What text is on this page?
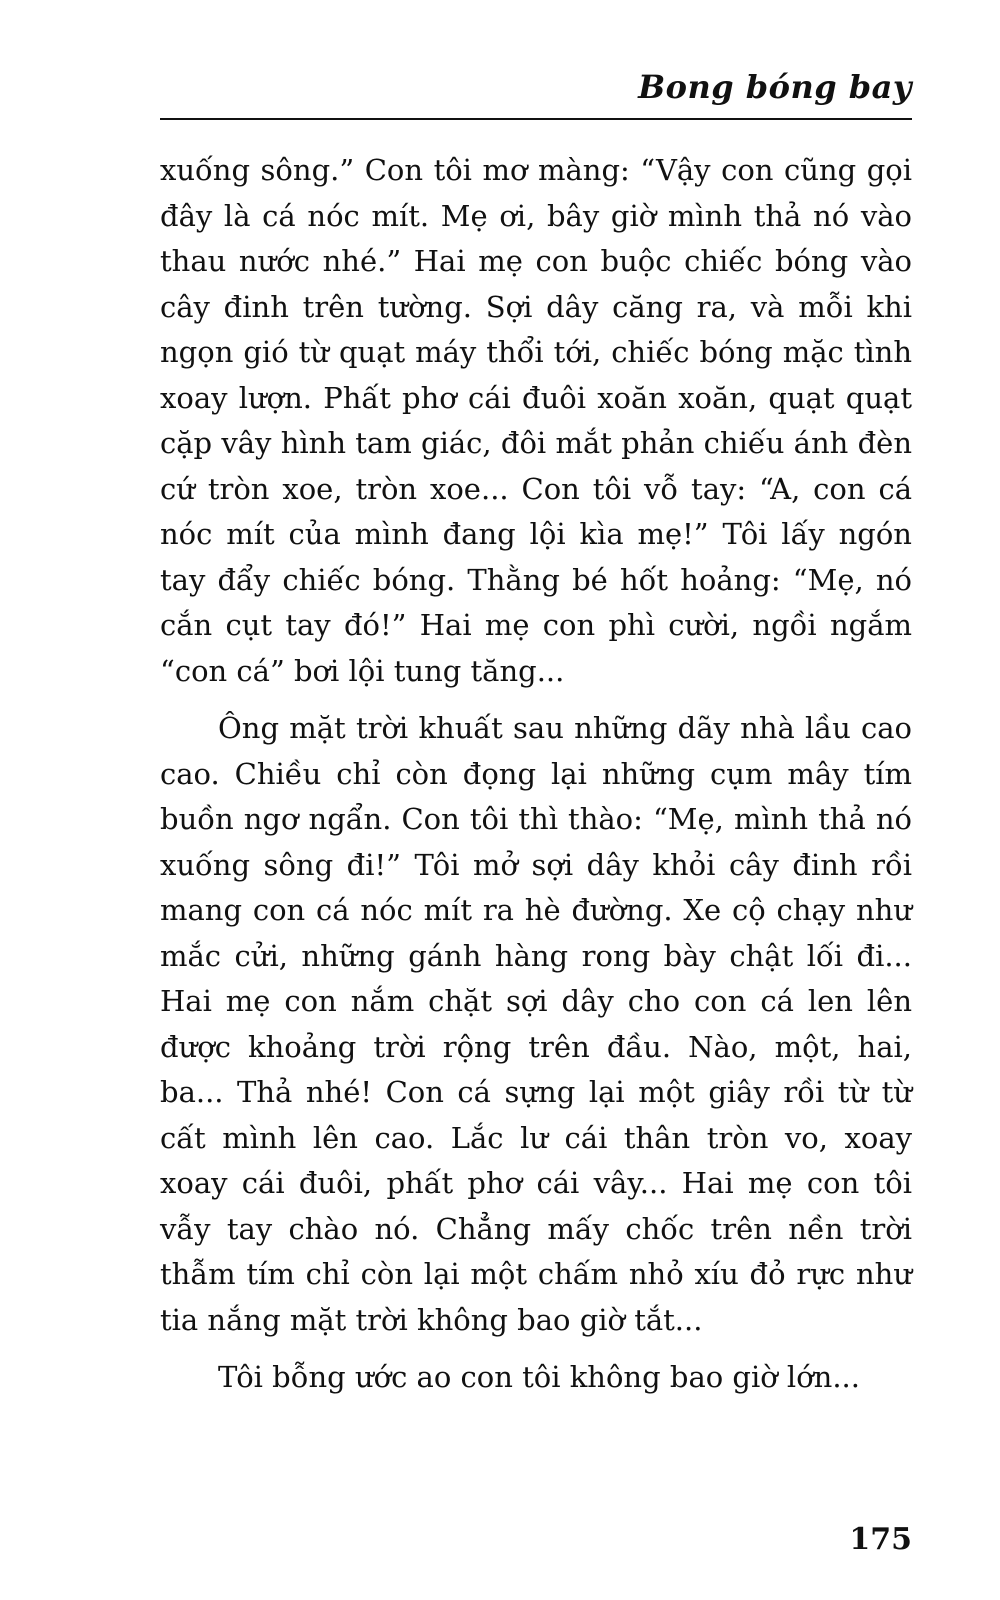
Bong bóng bay

xuống sông.” Con tôi mơ màng: “Vậy con cũng gọi đây là cá nóc mít. Mẹ ơi, bây giờ mình thả nó vào thau nước nhé.” Hai mẹ con buộc chiếc bóng vào cây đinh trên tường. Sợi dây căng ra, và mỗi khi ngọn gió từ quạt máy thổi tới, chiếc bóng mặc tình xoay lượn. Phất phơ cái đuôi xoăn xoăn, quạt quạt cặp vây hình tam giác, đôi mắt phản chiếu ánh đèn cứ tròn xoe, tròn xoe... Con tôi vỗ tay: “A, con cá nóc mít của mình đang lội kìa mẹ!” Tôi lấy ngón tay đẩy chiếc bóng. Thằng bé hốt hoảng: “Mẹ, nó cắn cụt tay đó!” Hai mẹ con phì cười, ngồi ngắm “con cá” bơi lội tung tăng...

Ông mặt trời khuất sau những dãy nhà lầu cao cao. Chiều chỉ còn đọng lại những cụm mây tím buồn ngơ ngẩn. Con tôi thì thào: “Mẹ, mình thả nó xuống sông đi!” Tôi mở sợi dây khỏi cây đinh rồi mang con cá nóc mít ra hè đường. Xe cộ chạy như mắc cửi, những gánh hàng rong bày chật lối đi... Hai mẹ con nắm chặt sợi dây cho con cá len lên được khoảng trời rộng trên đầu. Nào, một, hai, ba... Thả nhé! Con cá sựng lại một giây rồi từ từ cất mình lên cao. Lắc lư cái thân tròn vo, xoay xoay cái đuôi, phất phơ cái vây... Hai mẹ con tôi vẫy tay chào nó. Chẳng mấy chốc trên nền trời thẫm tím chỉ còn lại một chấm nhỏ xíu đỏ rực như tia nắng mặt trời không bao giờ tắt...

Tôi bỗng ước ao con tôi không bao giờ lớn...

175
